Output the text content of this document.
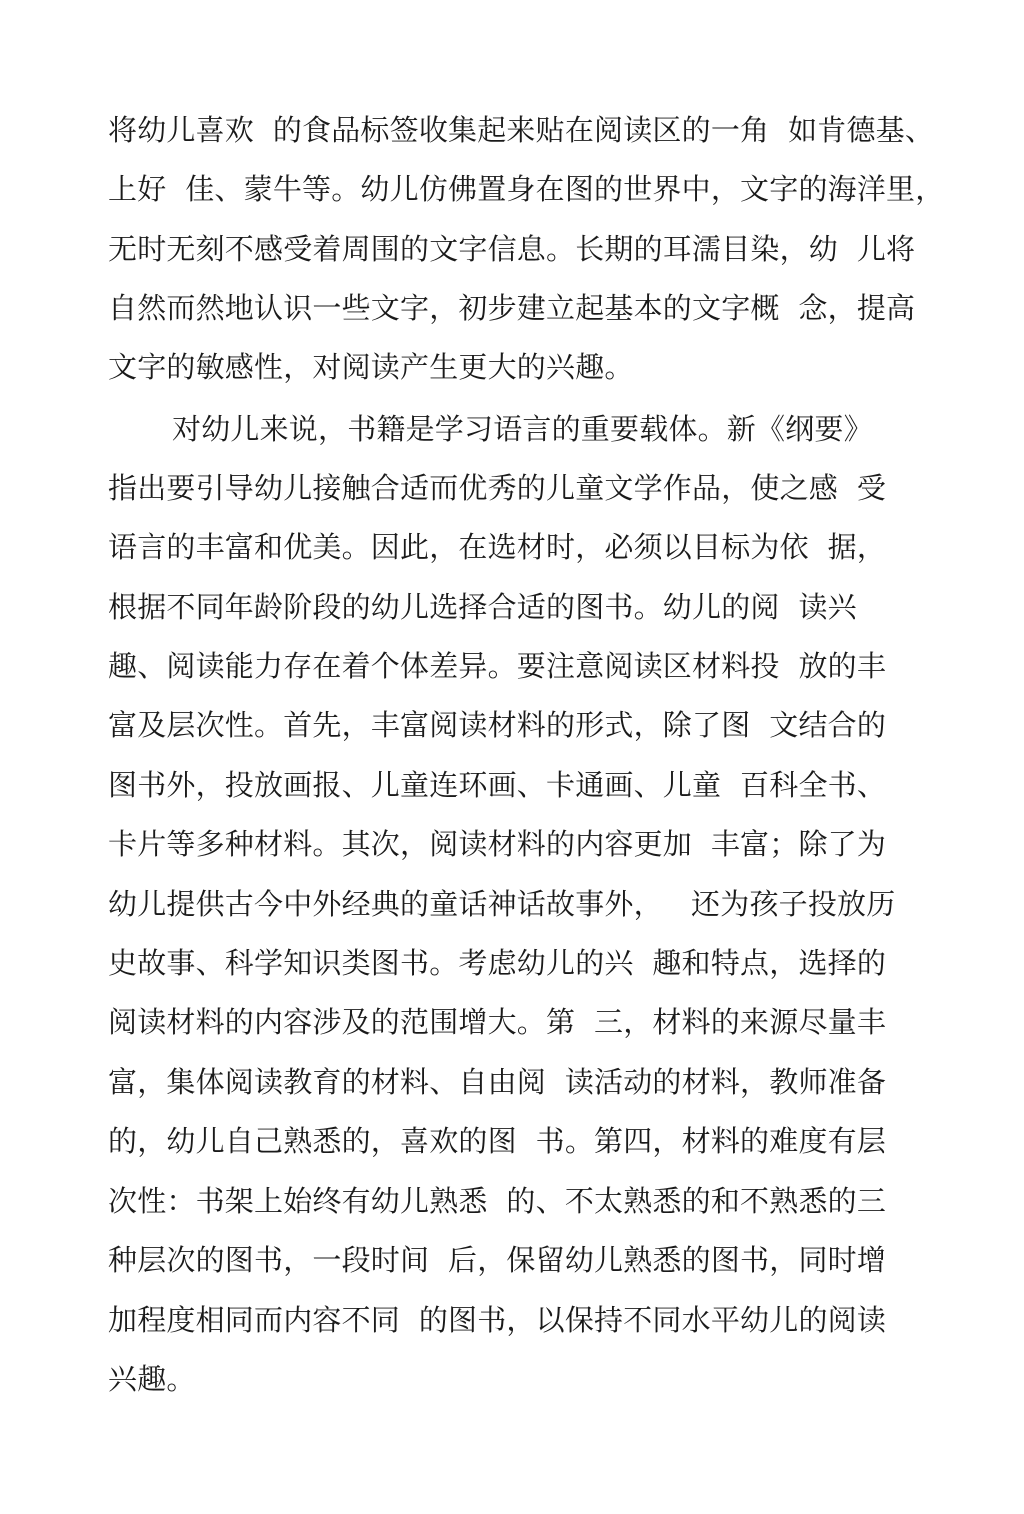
将幼儿喜欢  的食品标签收集起来贴在阅读区的一角  如肯德基、
上好  佳、蒙牛等。幼儿仿佛置身在图的世界中，文字的海洋里，
无时无刻不感受着周围的文字信息。长期的耳濡目染，幼  儿将
自然而然地认识一些文字，初步建立起基本的文字概  念，提高
文字的敏感性，对阅读产生更大的兴趣。
对幼儿来说，书籍是学习语言的重要载体。新《纲要》
指出要引导幼儿接触合适而优秀的儿童文学作品，使之感  受
语言的丰富和优美。因此，在选材时，必须以目标为依  据，
根据不同年龄阶段的幼儿选择合适的图书。幼儿的阅  读兴
趣、阅读能力存在着个体差异。要注意阅读区材料投  放的丰
富及层次性。首先，丰富阅读材料的形式，除了图  文结合的
图书外，投放画报、儿童连环画、卡通画、儿童  百科全书、
卡片等多种材料。其次，阅读材料的内容更加  丰富；除了为
幼儿提供古今中外经典的童话神话故事外，   还为孩子投放历
史故事、科学知识类图书。考虑幼儿的兴  趣和特点，选择的
阅读材料的内容涉及的范围增大。第  三，材料的来源尽量丰
富，集体阅读教育的材料、自由阅  读活动的材料，教师准备
的，幼儿自己熟悉的，喜欢的图  书。第四，材料的难度有层
次性：书架上始终有幼儿熟悉  的、不太熟悉的和不熟悉的三
种层次的图书，一段时间  后，保留幼儿熟悉的图书，同时增
加程度相同而内容不同  的图书，以保持不同水平幼儿的阅读
兴趣。
